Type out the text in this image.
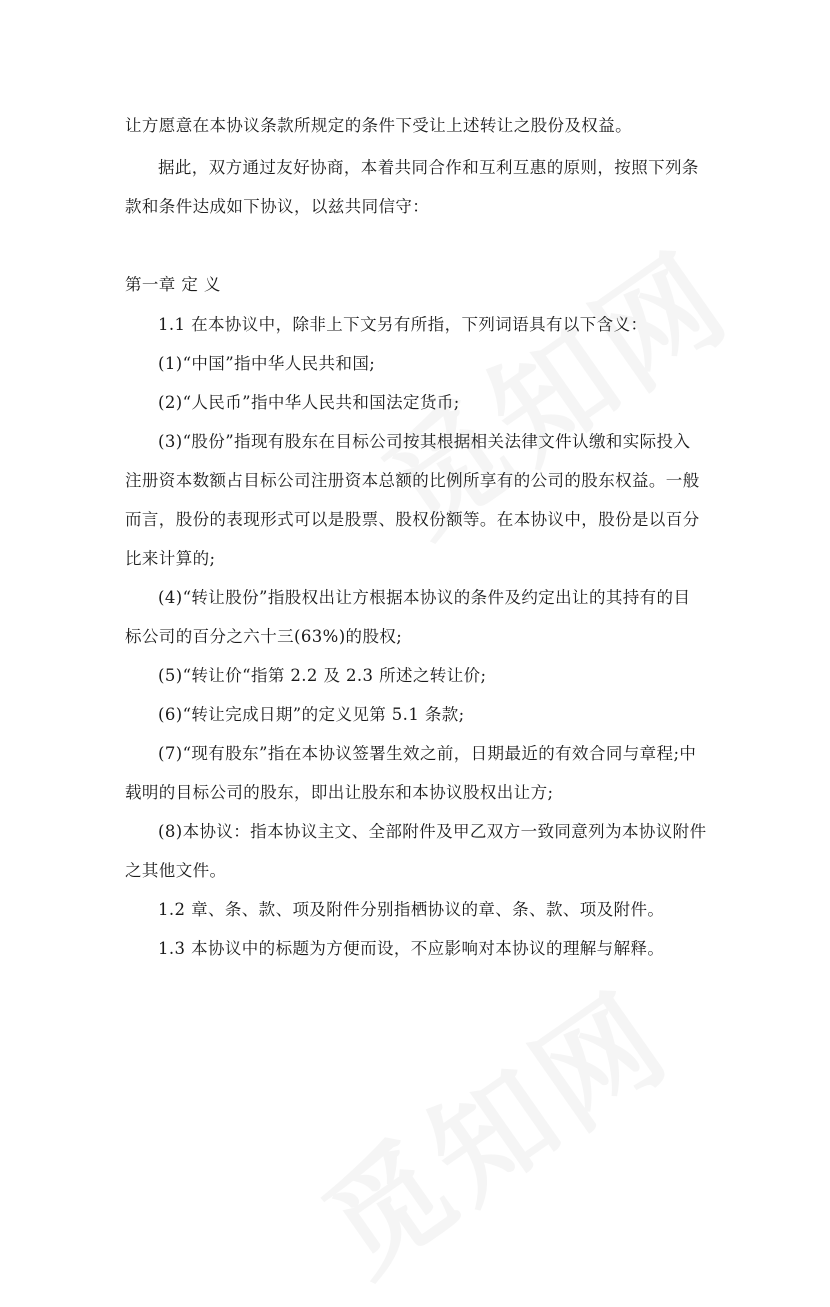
让方愿意在本协议条款所规定的条件下受让上述转让之股份及权益。
据此，双方通过友好协商，本着共同合作和互利互惠的原则，按照下列条
款和条件达成如下协议，以兹共同信守：
第一章 定 义
1.1 在本协议中，除非上下文另有所指，下列词语具有以下含义：
(1)“中国”指中华人民共和国;
(2)“人民币”指中华人民共和国法定货币;
(3)“股份”指现有股东在目标公司按其根据相关法律文件认缴和实际投入
注册资本数额占目标公司注册资本总额的比例所享有的公司的股东权益。一般
而言，股份的表现形式可以是股票、股权份额等。在本协议中，股份是以百分
比来计算的;
(4)“转让股份”指股权出让方根据本协议的条件及约定出让的其持有的目
标公司的百分之六十三(63%)的股权;
(5)“转让价“指第 2.2 及 2.3 所述之转让价;
(6)“转让完成日期”的定义见第 5.1 条款;
(7)“现有股东”指在本协议签署生效之前，日期最近的有效合同与章程;中
载明的目标公司的股东，即出让股东和本协议股权出让方;
(8)本协议：指本协议主文、全部附件及甲乙双方一致同意列为本协议附件
之其他文件。
1.2 章、条、款、项及附件分别指栖协议的章、条、款、项及附件。
1.3 本协议中的标题为方便而设，不应影响对本协议的理解与解释。
